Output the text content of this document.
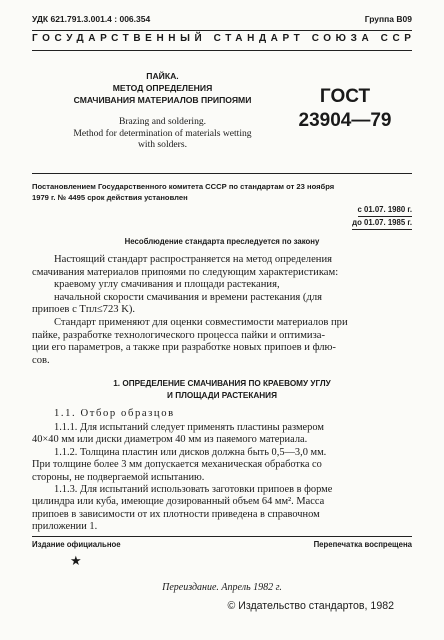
УДК 621.791.3.001.4 : 006.354	Группа В09
ГОСУДАРСТВЕННЫЙ СТАНДАРТ СОЮЗА ССР
ПАЙКА.
МЕТОД ОПРЕДЕЛЕНИЯ
СМАЧИВАНИЯ МАТЕРИАЛОВ ПРИПОЯМИ
Brazing and soldering.
Method for determination of materials wetting
with solders.
ГОСТ
23904—79
Постановлением Государственного комитета СССР по стандартам от 23 ноября
1979 г. № 4495 срок действия установлен
с 01.07. 1980 г.
до 01.07. 1985 г.
Несоблюдение стандарта преследуется по закону
Настоящий стандарт распространяется на метод определения
смачивания материалов припоями по следующим характеристикам:
краевому углу смачивания и площади растекания,
начальной скорости смачивания и времени растекания (для
припоев с Tпл≤723 K).
Стандарт применяют для оценки совместимости материалов при
пайке, разработке технологического процесса пайки и оптимиза-
ции его параметров, а также при разработке новых припоев и флю-
сов.
1. ОПРЕДЕЛЕНИЕ СМАЧИВАНИЯ ПО КРАЕВОМУ УГЛУ
И ПЛОЩАДИ РАСТЕКАНИЯ
1.1. Отбор образцов
1.1.1. Для испытаний следует применять пластины размером
40×40 мм или диски диаметром 40 мм из паяемого материала.
1.1.2. Толщина пластин или дисков должна быть 0,5—3,0 мм.
При толщине более 3 мм допускается механическая обработка со
стороны, не подвергаемой испытанию.
1.1.3. Для испытаний использовать заготовки припоев в форме
цилиндра или куба, имеющие дозированный объем 64 мм². Масса
припоев в зависимости от их плотности приведена в справочном
приложении 1.
Издание официальное	Перепечатка воспрещена
★
Переиздание. Апрель 1982 г.
© Издательство стандартов, 1982
